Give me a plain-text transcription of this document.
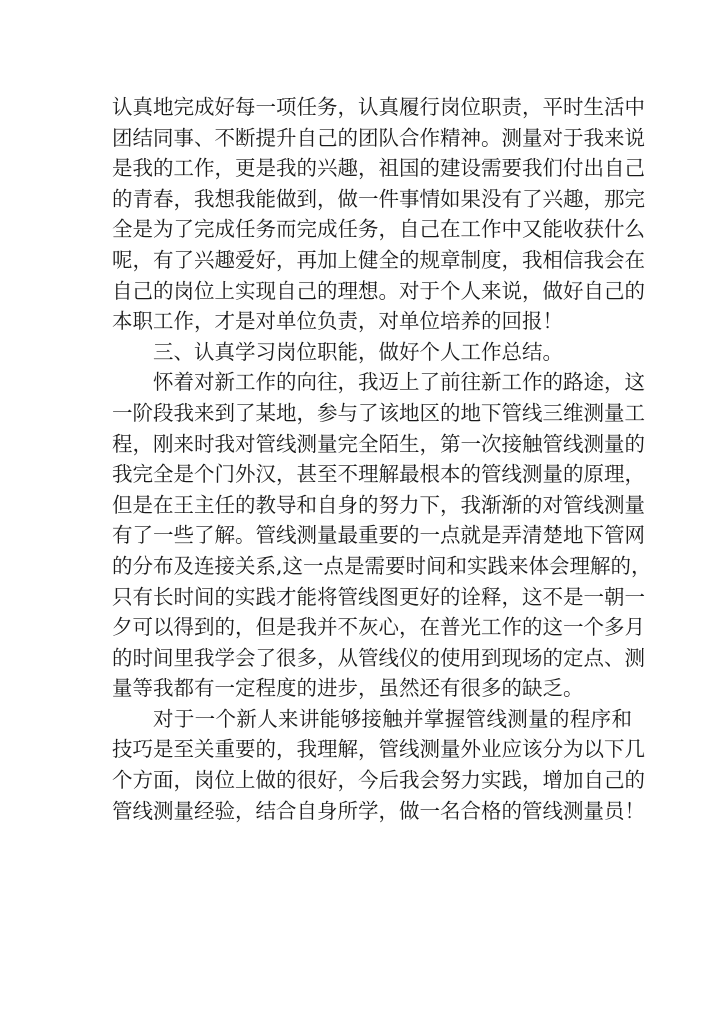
认真地完成好每一项任务，认真履行岗位职责，平时生活中
团结同事、不断提升自己的团队合作精神。测量对于我来说
是我的工作，更是我的兴趣，祖国的建设需要我们付出自己
的青春，我想我能做到，做一件事情如果没有了兴趣，那完
全是为了完成任务而完成任务，自己在工作中又能收获什么
呢，有了兴趣爱好，再加上健全的规章制度，我相信我会在
自己的岗位上实现自己的理想。对于个人来说，做好自己的
本职工作，才是对单位负责，对单位培养的回报！
三、认真学习岗位职能，做好个人工作总结。
怀着对新工作的向往，我迈上了前往新工作的路途，这
一阶段我来到了某地，参与了该地区的地下管线三维测量工
程，刚来时我对管线测量完全陌生，第一次接触管线测量的
我完全是个门外汉，甚至不理解最根本的管线测量的原理，
但是在王主任的教导和自身的努力下，我渐渐的对管线测量
有了一些了解。管线测量最重要的一点就是弄清楚地下管网
的分布及连接关系,这一点是需要时间和实践来体会理解的，
只有长时间的实践才能将管线图更好的诠释，这不是一朝一
夕可以得到的，但是我并不灰心，在普光工作的这一个多月
的时间里我学会了很多，从管线仪的使用到现场的定点、测
量等我都有一定程度的进步，虽然还有很多的缺乏。
对于一个新人来讲能够接触并掌握管线测量的程序和
技巧是至关重要的，我理解，管线测量外业应该分为以下几
个方面，岗位上做的很好，今后我会努力实践，增加自己的
管线测量经验，结合自身所学，做一名合格的管线测量员！
